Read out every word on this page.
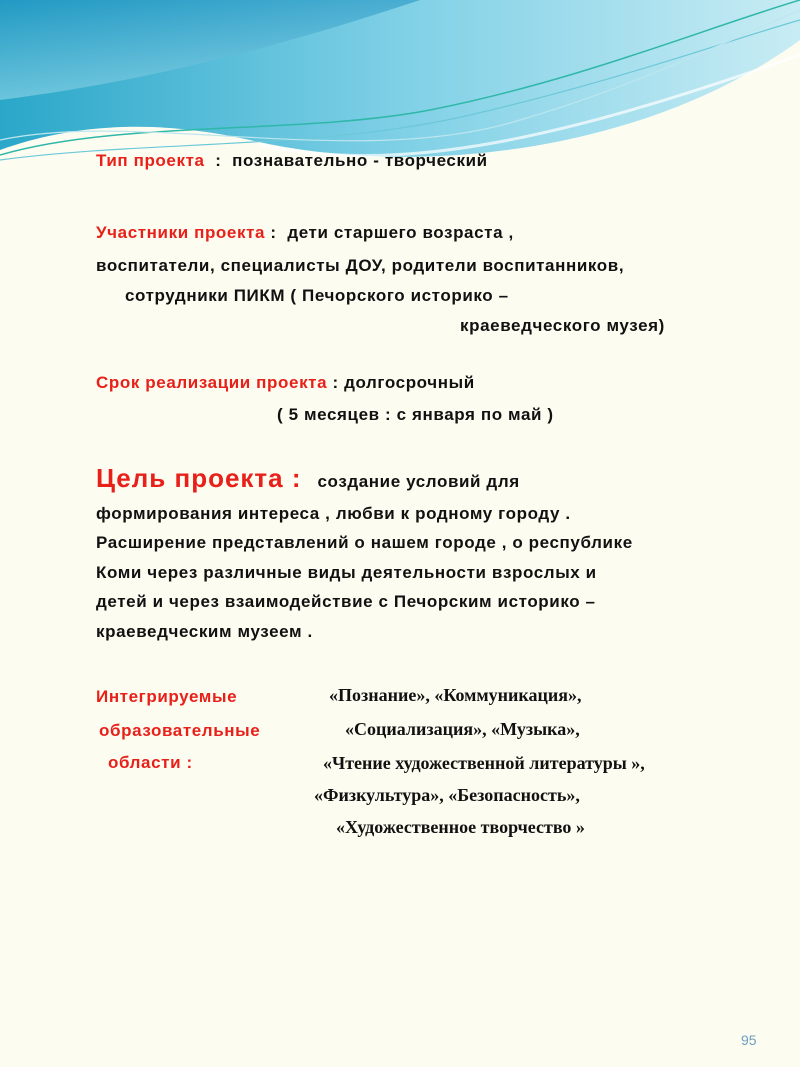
Тип проекта : познавательно - творческий
Участники проекта : дети старшего возраста ,
воспитатели, специалисты ДОУ, родители воспитанников,
сотрудники ПИКМ ( Печорского историко –
краеведческого музея)
Срок реализации проекта : долгосрочный
( 5 месяцев : с января по май )
Цель проекта : создание условий для
формирования интереса , любви к родному городу .
Расширение представлений о нашем городе , о республике
Коми через различные виды деятельности взрослых и
детей и через взаимодействие с Печорским историко –
краеведческим музеем .
Интегрируемые
образовательные
области :
«Познание», «Коммуникация»,
«Социализация», «Музыка»,
«Чтение художественной литературы »,
«Физкультура», «Безопасность»,
«Художественное творчество »
95
